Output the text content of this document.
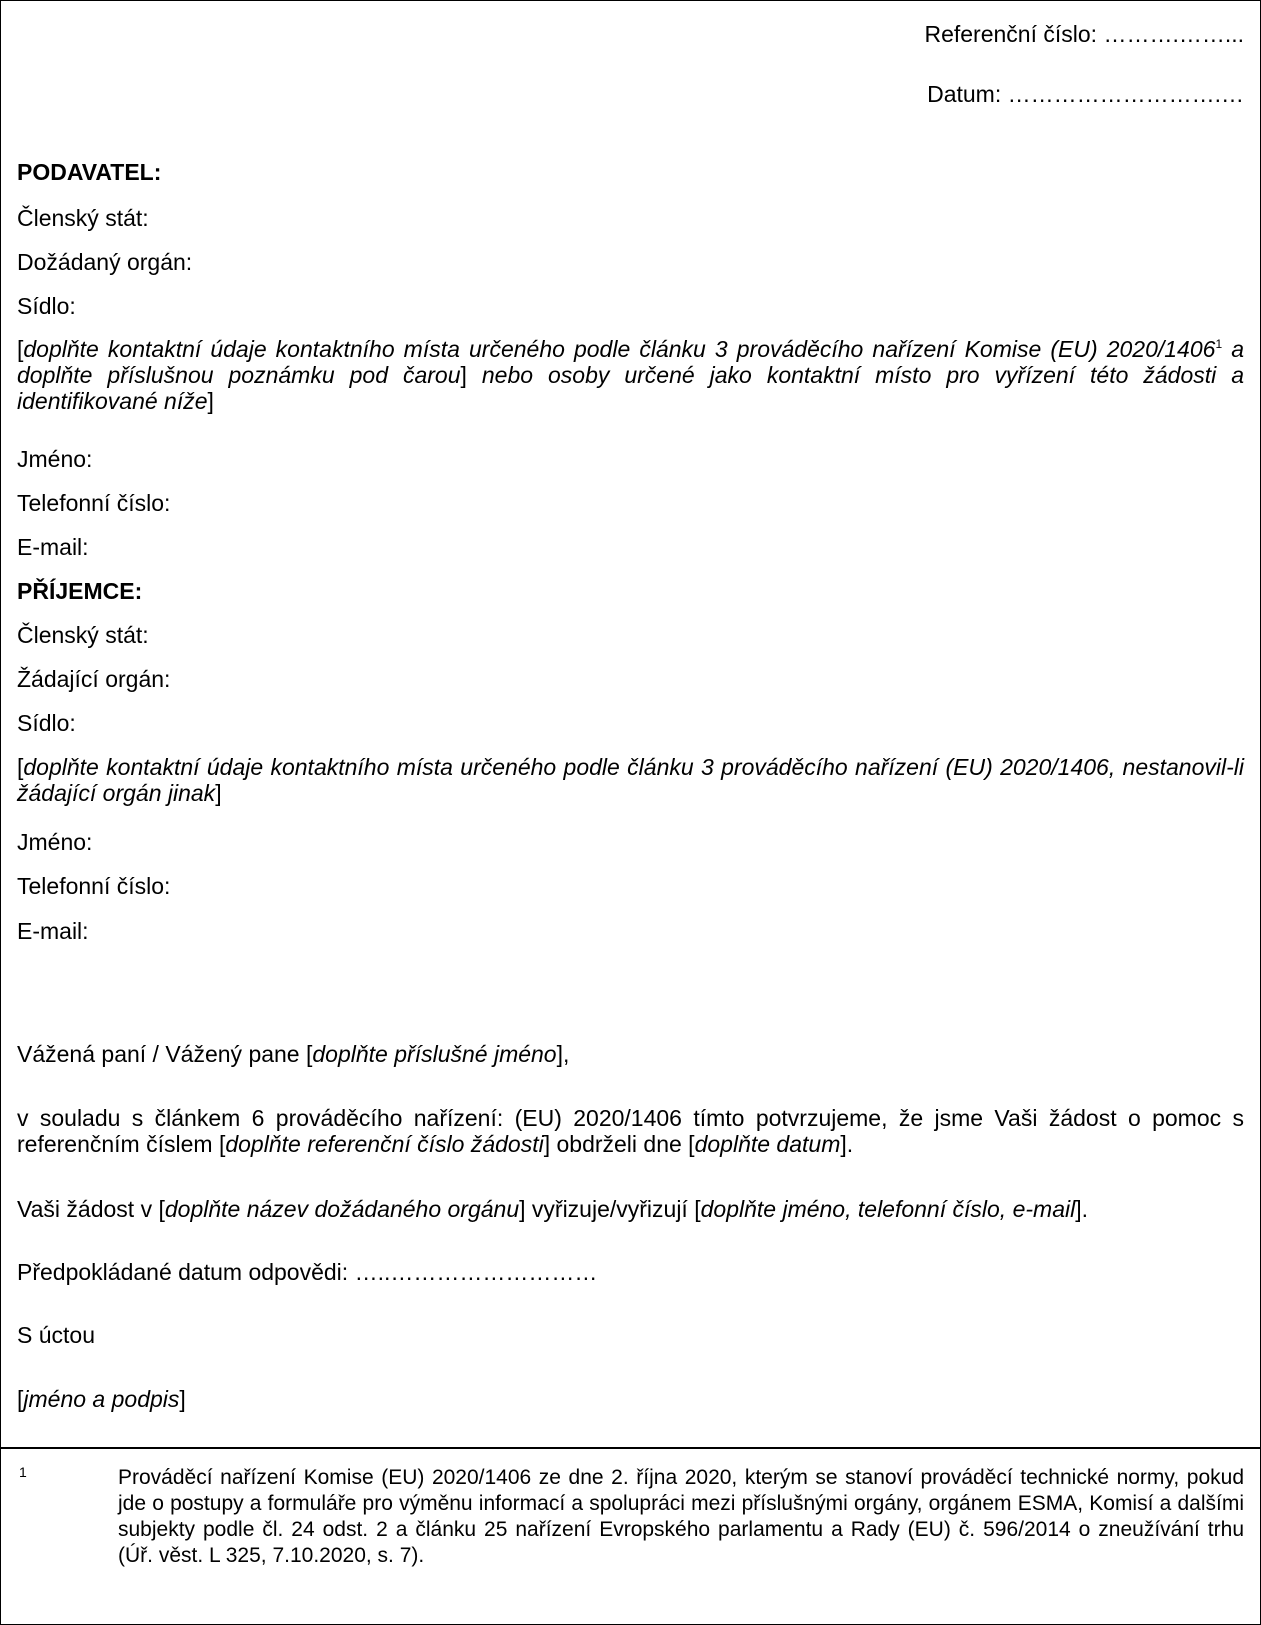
Referenční číslo: ……….……...
Datum: ……………………….…
PODAVATEL:
Členský stát:
Dožádaný orgán:
Sídlo:
[doplňte kontaktní údaje kontaktního místa určeného podle článku 3 prováděcího nařízení Komise (EU) 2020/1406$^1$ a doplňte příslušnou poznámku pod čarou] nebo osoby určené jako kontaktní místo pro vyřízení této žádosti a identifikované níže]
Jméno:
Telefonní číslo:
E-mail:
PŘÍJEMCE:
Členský stát:
Žádající orgán:
Sídlo:
[doplňte kontaktní údaje kontaktního místa určeného podle článku 3 prováděcího nařízení (EU) 2020/1406, nestanovil-li žádající orgán jinak]
Jméno:
Telefonní číslo:
E-mail:
Vážená paní / Vážený pane [doplňte příslušné jméno],
v souladu s článkem 6 prováděcího nařízení: (EU) 2020/1406 tímto potvrzujeme, že jsme Vaši žádost o pomoc s referenčním číslem [doplňte referenční číslo žádosti] obdrželi dne [doplňte datum].
Vaši žádost v [doplňte název dožádaného orgánu] vyřizuje/vyřizují [doplňte jméno, telefonní číslo, e-mail].
Předpokládané datum odpovědi: …..………………………
S úctou
[jméno a podpis]
1	Prováděcí nařízení Komise (EU) 2020/1406 ze dne 2. října 2020, kterým se stanoví prováděcí technické normy, pokud jde o postupy a formuláře pro výměnu informací a spolupráci mezi příslušnými orgány, orgánem ESMA, Komisí a dalšími subjekty podle čl. 24 odst. 2 a článku 25 nařízení Evropského parlamentu a Rady (EU) č. 596/2014 o zneužívání trhu (Úř. věst. L 325, 7.10.2020, s. 7).
